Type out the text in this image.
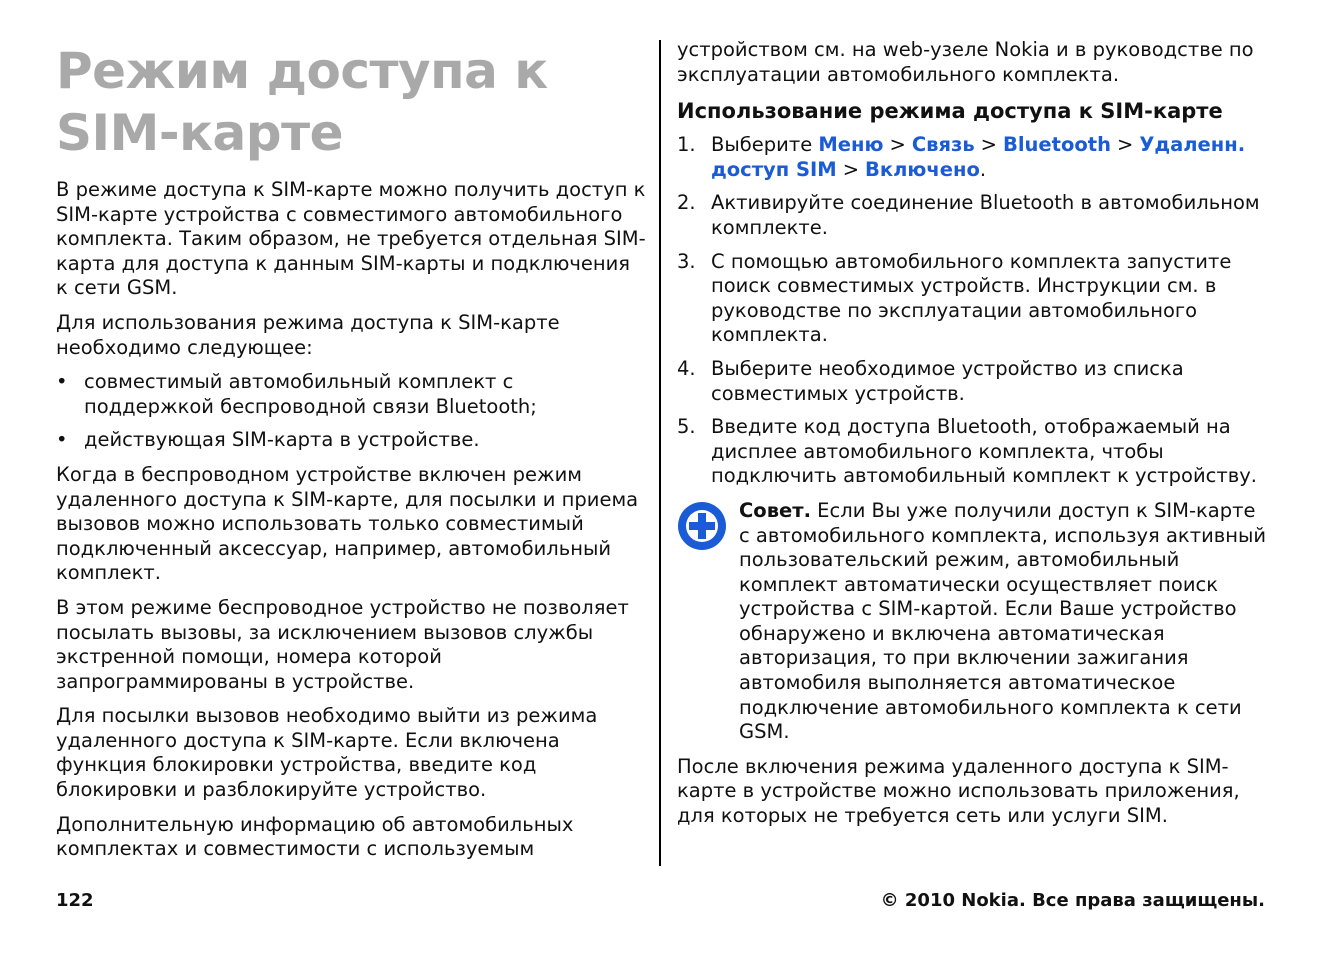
Режим доступа к SIM-карте

В режиме доступа к SIM-карте можно получить доступ к SIM-карте устройства с совместимого автомобильного комплекта. Таким образом, не требуется отдельная SIM-карта для доступа к данным SIM-карты и подключения к сети GSM.

Для использования режима доступа к SIM-карте необходимо следующее:

• совместимый автомобильный комплект с поддержкой беспроводной связи Bluetooth;
• действующая SIM-карта в устройстве.

Когда в беспроводном устройстве включен режим удаленного доступа к SIM-карте, для посылки и приема вызовов можно использовать только совместимый подключенный аксессуар, например, автомобильный комплект.

В этом режиме беспроводное устройство не позволяет посылать вызовы, за исключением вызовов службы экстренной помощи, номера которой запрограммированы в устройстве.

Для посылки вызовов необходимо выйти из режима удаленного доступа к SIM-карте. Если включена функция блокировки устройства, введите код блокировки и разблокируйте устройство.

Дополнительную информацию об автомобильных комплектах и совместимости с используемым

устройством см. на web-узеле Nokia и в руководстве по эксплуатации автомобильного комплекта.

Использование режима доступа к SIM-карте
1. Выберите Меню > Связь > Bluetooth > Удаленн. доступ SIM > Включено.
2. Активируйте соединение Bluetooth в автомобильном комплекте.
3. С помощью автомобильного комплекта запустите поиск совместимых устройств. Инструкции см. в руководстве по эксплуатации автомобильного комплекта.
4. Выберите необходимое устройство из списка совместимых устройств.
5. Введите код доступа Bluetooth, отображаемый на дисплее автомобильного комплекта, чтобы подключить автомобильный комплект к устройству.

Совет. Если Вы уже получили доступ к SIM-карте с автомобильного комплекта, используя активный пользовательский режим, автомобильный комплект автоматически осуществляет поиск устройства с SIM-картой. Если Ваше устройство обнаружено и включена автоматическая авторизация, то при включении зажигания автомобиля выполняется автоматическое подключение автомобильного комплекта к сети GSM.

После включения режима удаленного доступа к SIM-карте в устройстве можно использовать приложения, для которых не требуется сеть или услуги SIM.

122	© 2010 Nokia. Все права защищены.
